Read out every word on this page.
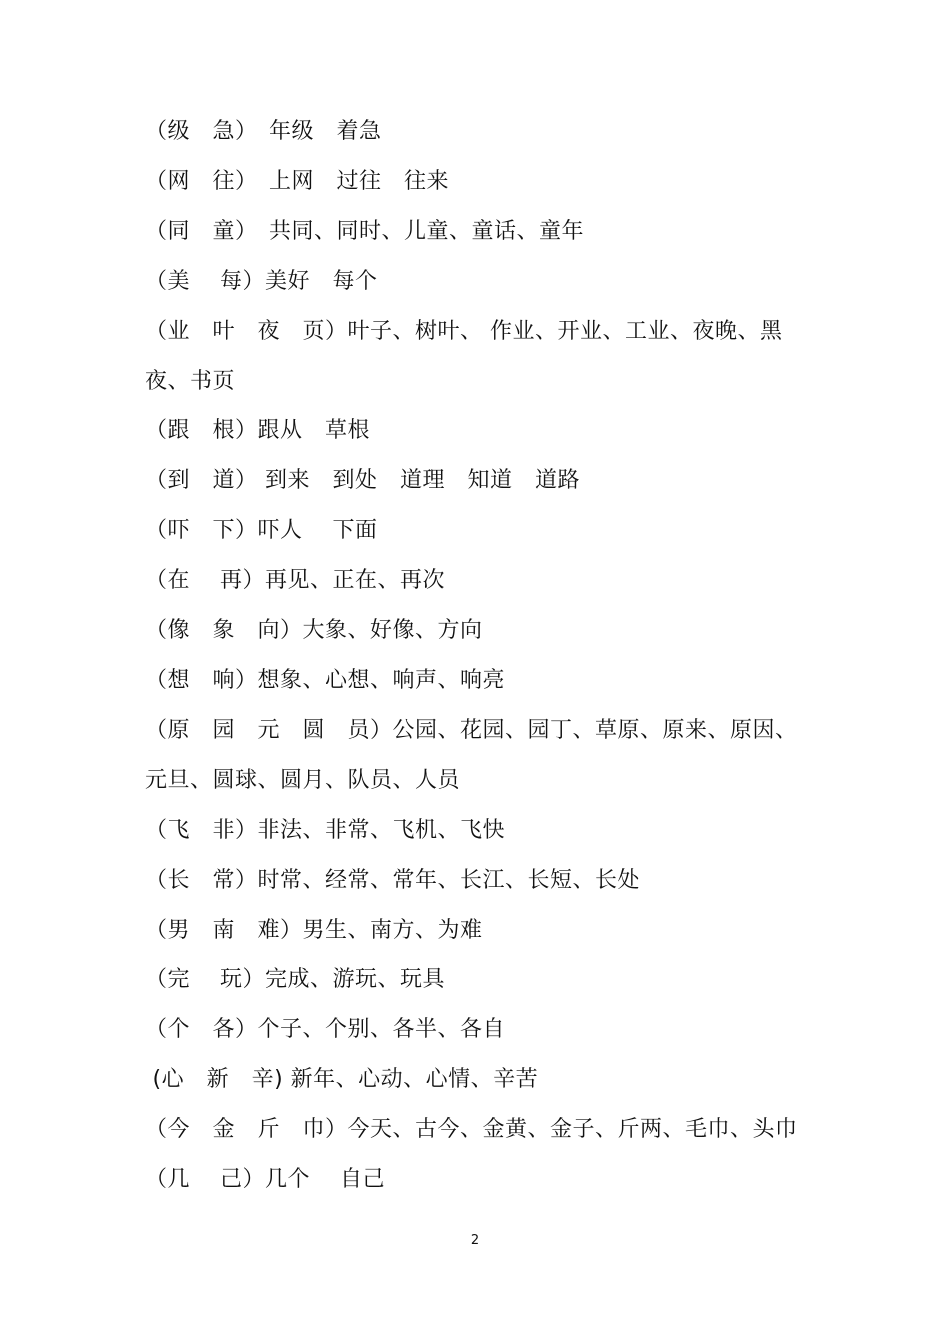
（级　急）　年级　着急

（网　往）　上网　过往　往来

（同　童）　共同、同时、儿童、童话、童年

（美　 每）美好　每个

（业　叶　夜　页）叶子、树叶、 作业、开业、工业、夜晚、黑夜、书页

（跟　根）跟从　草根

（到　道） 到来　到处　道理　知道　道路

（吓　下）吓人　 下面

（在　 再）再见、正在、再次

（像　象　向）大象、好像、方向

（想　响）想象、心想、响声、响亮

（原　园　元　圆　员）公园、花园、园丁、草原、原来、原因、元旦、圆球、圆月、队员、人员

（飞　非）非法、非常、飞机、飞快

（长　常）时常、经常、常年、长江、长短、长处

（男　南　难）男生、南方、为难

（完　 玩）完成、游玩、玩具

（个　各）个子、个别、各半、各自

(心　新　辛) 新年、心动、心情、辛苦

（今　金　斤　巾）今天、古今、金黄、金子、斤两、毛巾、头巾

（几　 己）几个　 自己

2
